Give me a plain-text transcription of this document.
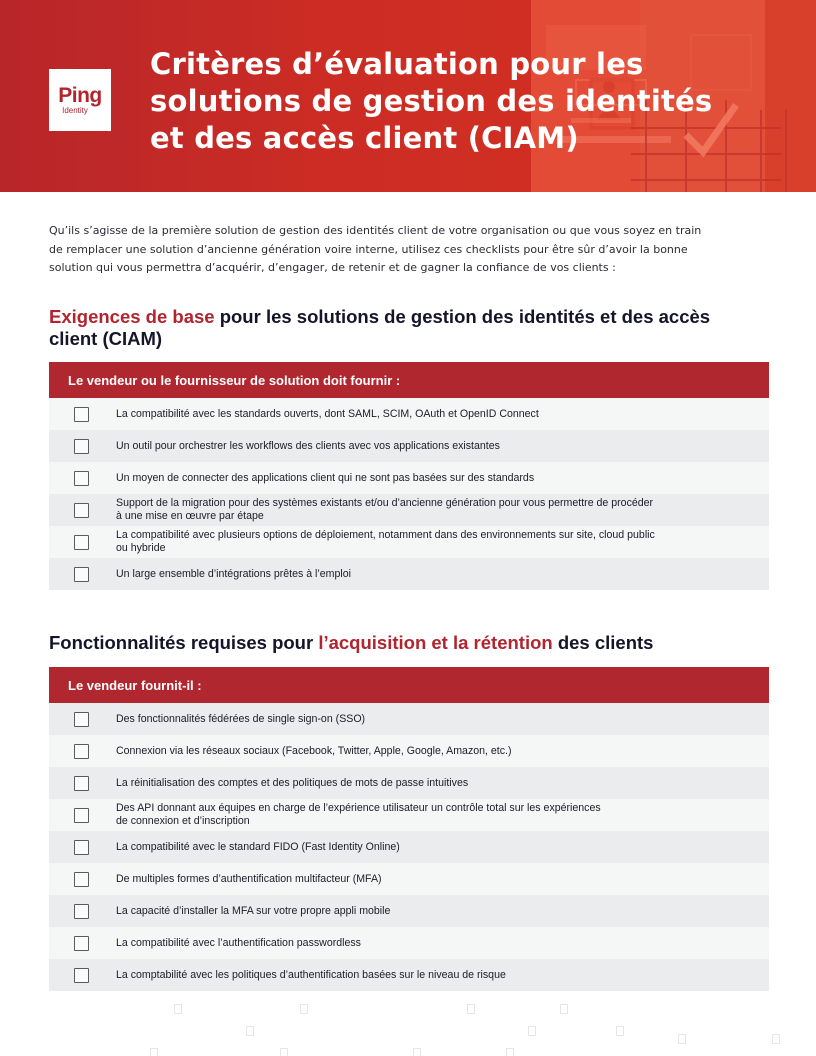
Ping
Identity
Critères d’évaluation pour les
solutions de gestion des identités
et des accès client (CIAM)

Qu’ils s’agisse de la première solution de gestion des identités client de votre organisation ou que vous soyez en train
de remplacer une solution d’ancienne génération voire interne, utilisez ces checklists pour être sûr d’avoir la bonne
solution qui vous permettra d’acquérir, d’engager, de retenir et de gagner la confiance de vos clients :

Exigences de base pour les solutions de gestion des identités et des accès
client (CIAM)
Le vendeur ou le fournisseur de solution doit fournir :
La compatibilité avec les standards ouverts, dont SAML, SCIM, OAuth et OpenID Connect
Un outil pour orchestrer les workflows des clients avec vos applications existantes
Un moyen de connecter des applications client qui ne sont pas basées sur des standards
Support de la migration pour des systèmes existants et/ou d’ancienne génération pour vous permettre de procéder
à une mise en œuvre par étape
La compatibilité avec plusieurs options de déploiement, notamment dans des environnements sur site, cloud public
ou hybride
Un large ensemble d’intégrations prêtes à l’emploi
Fonctionnalités requises pour l’acquisition et la rétention des clients
Le vendeur fournit-il :
Des fonctionnalités fédérées de single sign-on (SSO)
Connexion via les réseaux sociaux (Facebook, Twitter, Apple, Google, Amazon, etc.)
La réinitialisation des comptes et des politiques de mots de passe intuitives
Des API donnant aux équipes en charge de l’expérience utilisateur un contrôle total sur les expériences
de connexion et d’inscription
La compatibilité avec le standard FIDO (Fast Identity Online)
De multiples formes d’authentification multifacteur (MFA)
La capacité d’installer la MFA sur votre propre appli mobile
La compatibilité avec l’authentification passwordless
La comptabilité avec les politiques d’authentification basées sur le niveau de risque
